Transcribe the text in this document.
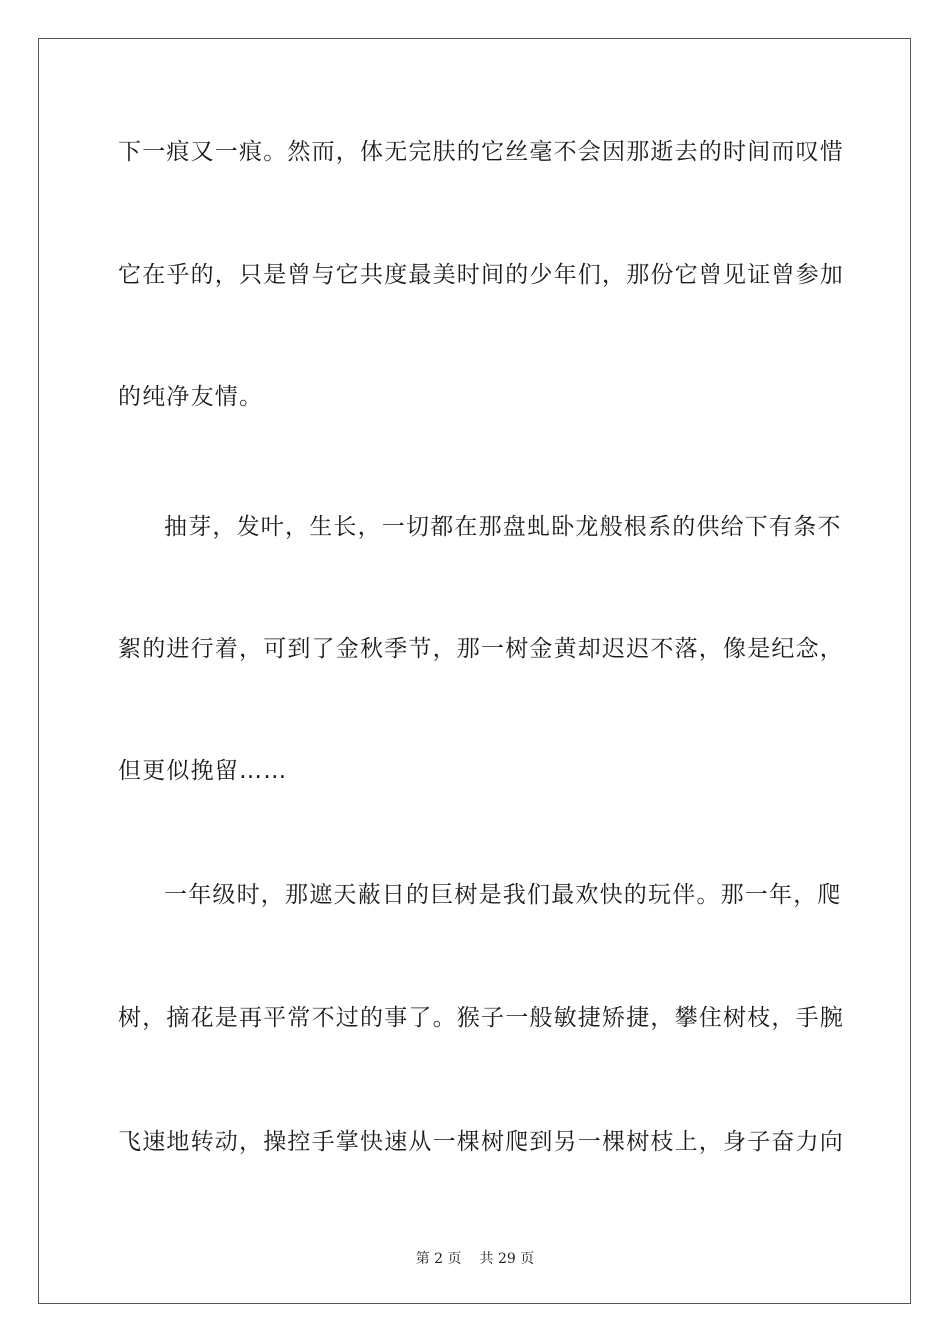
下一痕又一痕。然而，体无完肤的它丝毫不会因那逝去的时间而叹惜
它在乎的，只是曾与它共度最美时间的少年们，那份它曾见证曾参加
的纯净友情。
抽芽，发叶，生长，一切都在那盘虬卧龙般根系的供给下有条不
絮的进行着，可到了金秋季节，那一树金黄却迟迟不落，像是纪念，
但更似挽留……
一年级时，那遮天蔽日的巨树是我们最欢快的玩伴。那一年，爬
树，摘花是再平常不过的事了。猴子一般敏捷矫捷，攀住树枝，手腕
飞速地转动，操控手掌快速从一棵树爬到另一棵树枝上，身子奋力向
第 2 页 共 29 页
